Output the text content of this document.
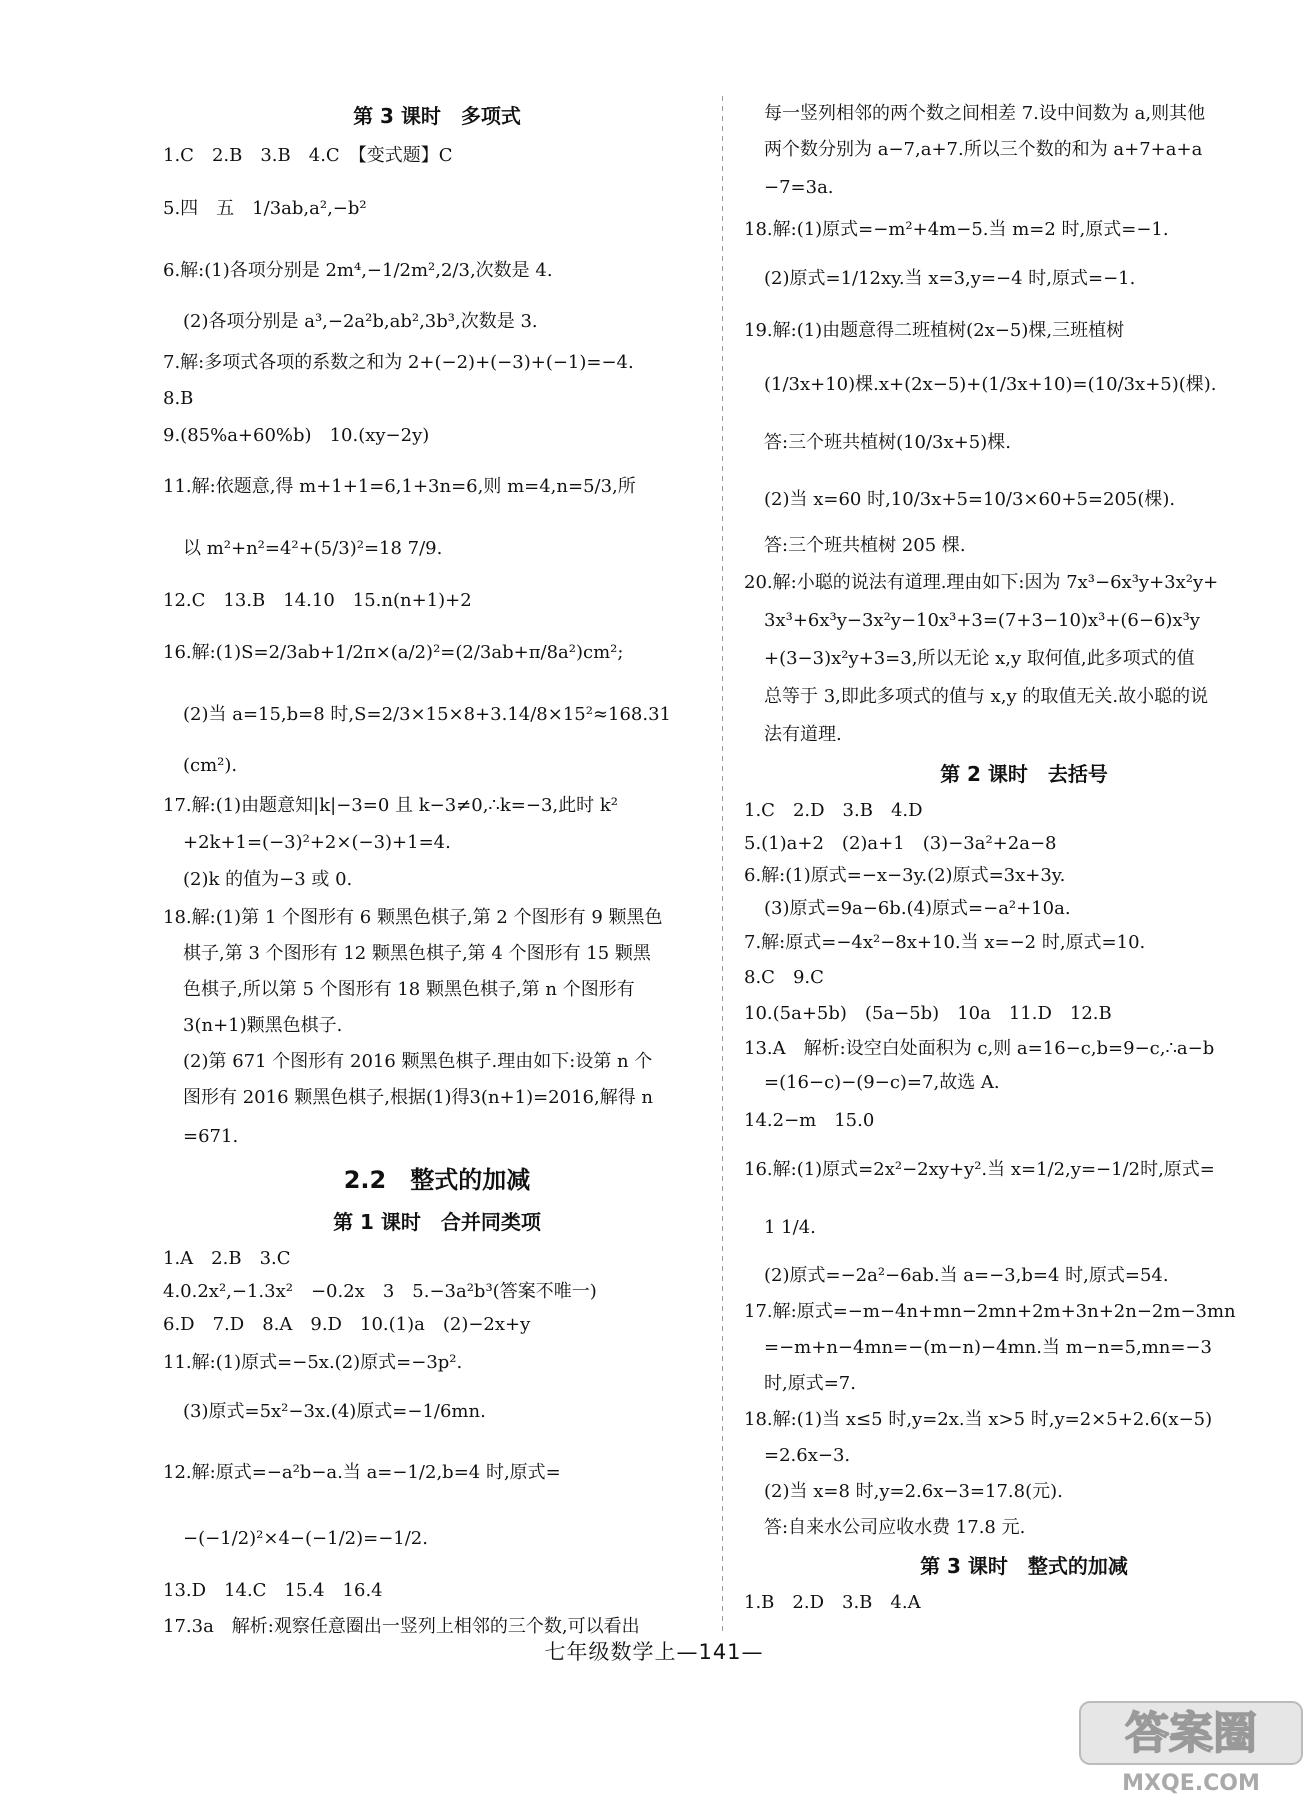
第 3 课时　多项式
1.C　2.B　3.B　4.C　【变式题】C
5.四　五　1/3ab,a²,−b²
6.解:(1)各项分别是 2m⁴,−1/2m²,2/3,次数是 4.
(2)各项分别是 a³,−2a²b,ab²,3b³,次数是 3.
7.解:多项式各项的系数之和为 2+(−2)+(−3)+(−1)=−4.
8.B
9.(85%a+60%b)　10.(xy−2y)
11.解:依题意,得 m+1+1=6,1+3n=6,则 m=4,n=5/3,所
以 m²+n²=4²+(5/3)²=18 7/9.
12.C　13.B　14.10　15.n(n+1)+2
16.解:(1)S=2/3ab+1/2π×(a/2)²=(2/3ab+π/8a²)cm²;
(2)当 a=15,b=8 时,S=2/3×15×8+3.14/8×15²≈168.31
(cm²).
17.解:(1)由题意知|k|−3=0 且 k−3≠0,∴k=−3,此时 k²
+2k+1=(−3)²+2×(−3)+1=4.
(2)k 的值为−3 或 0.
18.解:(1)第 1 个图形有 6 颗黑色棋子,第 2 个图形有 9 颗黑色
棋子,第 3 个图形有 12 颗黑色棋子,第 4 个图形有 15 颗黑
色棋子,所以第 5 个图形有 18 颗黑色棋子,第 n 个图形有
3(n+1)颗黑色棋子.
(2)第 671 个图形有 2016 颗黑色棋子.理由如下:设第 n 个
图形有 2016 颗黑色棋子,根据(1)得3(n+1)=2016,解得 n
=671.
2.2　整式的加减
第 1 课时　合并同类项
1.A　2.B　3.C
4.0.2x²,−1.3x²　−0.2x　3　5.−3a²b³(答案不唯一)
6.D　7.D　8.A　9.D　10.(1)a　(2)−2x+y
11.解:(1)原式=−5x.(2)原式=−3p².
(3)原式=5x²−3x.(4)原式=−1/6mn.
12.解:原式=−a²b−a.当 a=−1/2,b=4 时,原式=
−(−1/2)²×4−(−1/2)=−1/2.
13.D　14.C　15.4　16.4
17.3a　解析:观察任意圈出一竖列上相邻的三个数,可以看出
每一竖列相邻的两个数之间相差 7.设中间数为 a,则其他
两个数分别为 a−7,a+7.所以三个数的和为 a+7+a+a
−7=3a.
18.解:(1)原式=−m²+4m−5.当 m=2 时,原式=−1.
(2)原式=1/12xy.当 x=3,y=−4 时,原式=−1.
19.解:(1)由题意得二班植树(2x−5)棵,三班植树
(1/3x+10)棵.x+(2x−5)+(1/3x+10)=(10/3x+5)(棵).
答:三个班共植树(10/3x+5)棵.
(2)当 x=60 时,10/3x+5=10/3×60+5=205(棵).
答:三个班共植树 205 棵.
20.解:小聪的说法有道理.理由如下:因为 7x³−6x³y+3x²y+
3x³+6x³y−3x²y−10x³+3=(7+3−10)x³+(6−6)x³y
+(3−3)x²y+3=3,所以无论 x,y 取何值,此多项式的值
总等于 3,即此多项式的值与 x,y 的取值无关.故小聪的说
法有道理.
第 2 课时　去括号
1.C　2.D　3.B　4.D
5.(1)a+2　(2)a+1　(3)−3a²+2a−8
6.解:(1)原式=−x−3y.(2)原式=3x+3y.
(3)原式=9a−6b.(4)原式=−a²+10a.
7.解:原式=−4x²−8x+10.当 x=−2 时,原式=10.
8.C　9.C
10.(5a+5b)　(5a−5b)　10a　11.D　12.B
13.A　解析:设空白处面积为 c,则 a=16−c,b=9−c,∴a−b
=(16−c)−(9−c)=7,故选 A.
14.2−m　15.0
16.解:(1)原式=2x²−2xy+y².当 x=1/2,y=−1/2时,原式=
1 1/4.
(2)原式=−2a²−6ab.当 a=−3,b=4 时,原式=54.
17.解:原式=−m−4n+mn−2mn+2m+3n+2n−2m−3mn
=−m+n−4mn=−(m−n)−4mn.当 m−n=5,mn=−3
时,原式=7.
18.解:(1)当 x≤5 时,y=2x.当 x>5 时,y=2×5+2.6(x−5)
=2.6x−3.
(2)当 x=8 时,y=2.6x−3=17.8(元).
答:自来水公司应收水费 17.8 元.
第 3 课时　整式的加减
1.B　2.D　3.B　4.A
七年级数学上—141—
答案圈
MXQE.COM
